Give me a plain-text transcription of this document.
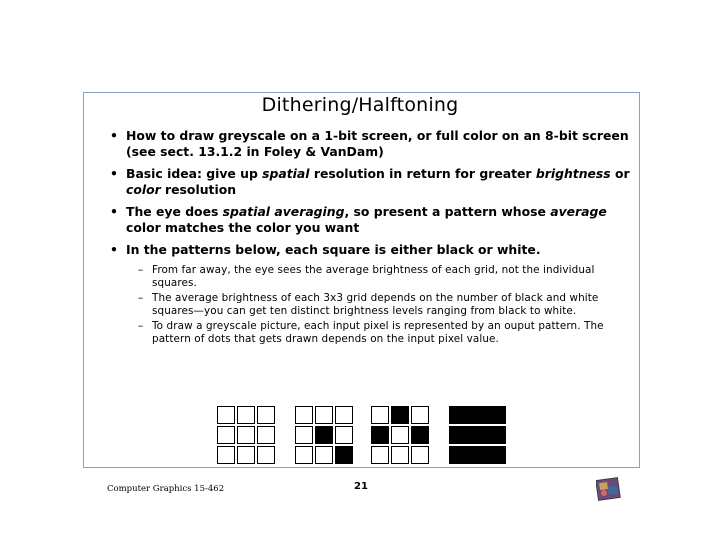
Dithering/Halftoning
• How to draw greyscale on a 1-bit screen, or full color on an 8-bit screen (see sect. 13.1.2 in Foley & VanDam)
• Basic idea: give up spatial resolution in return for greater brightness or color resolution
• The eye does spatial averaging, so present a pattern whose average color matches the color you want
• In the patterns below, each square is either black or white.
– From far away, the eye sees the average brightness of each grid, not the individual squares.
– The average brightness of each 3x3 grid depends on the number of black and white squares—you can get ten distinct brightness levels ranging from black to white.
– To draw a greyscale picture, each input pixel is represented by an ouput pattern. The pattern of dots that gets drawn depends on the input pixel value.
Computer Graphics 15-462	21
